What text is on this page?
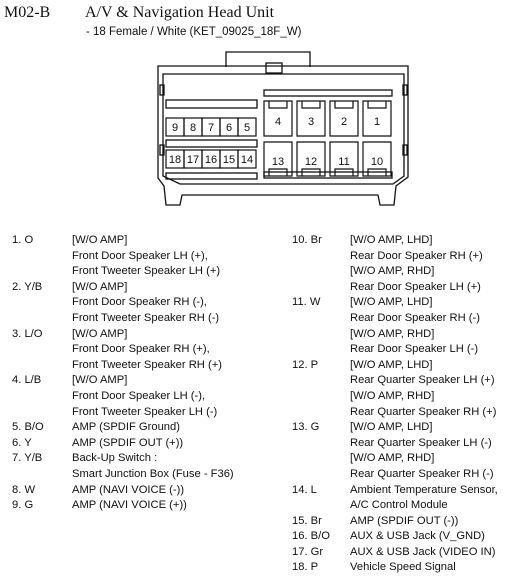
M02-B A/V & Navigation Head Unit
- 18 Female / White (KET_09025_18F_W)
9 8 7 6 5
18 17 16 15 14
4 3 2 1
13 12 11 10
1. O	[W/O AMP]
Front Door Speaker LH (+),
Front Tweeter Speaker LH (+)
2. Y/B	[W/O AMP]
Front Door Speaker RH (-),
Front Tweeter Speaker RH (-)
3. L/O	[W/O AMP]
Front Door Speaker RH (+),
Front Tweeter Speaker RH (+)
4. L/B	[W/O AMP]
Front Door Speaker LH (-),
Front Tweeter Speaker LH (-)
5. B/O	AMP (SPDIF Ground)
6. Y	AMP (SPDIF OUT (+))
7. Y/B	Back-Up Switch :
Smart Junction Box (Fuse - F36)
8. W	AMP (NAVI VOICE (-))
9. G	AMP (NAVI VOICE (+))
10. Br	[W/O AMP, LHD]
Rear Door Speaker RH (+)
[W/O AMP, RHD]
Rear Door Speaker LH (+)
11. W	[W/O AMP, LHD]
Rear Door Speaker RH (-)
[W/O AMP, RHD]
Rear Door Speaker LH (-)
12. P	[W/O AMP, LHD]
Rear Quarter Speaker LH (+)
[W/O AMP, RHD]
Rear Quarter Speaker RH (+)
13. G	[W/O AMP, LHD]
Rear Quarter Speaker LH (-)
[W/O AMP, RHD]
Rear Quarter Speaker RH (-)
14. L	Ambient Temperature Sensor,
A/C Control Module
15. Br	AMP (SPDIF OUT (-))
16. B/O	AUX & USB Jack (V_GND)
17. Gr	AUX & USB Jack (VIDEO IN)
18. P	Vehicle Speed Signal
